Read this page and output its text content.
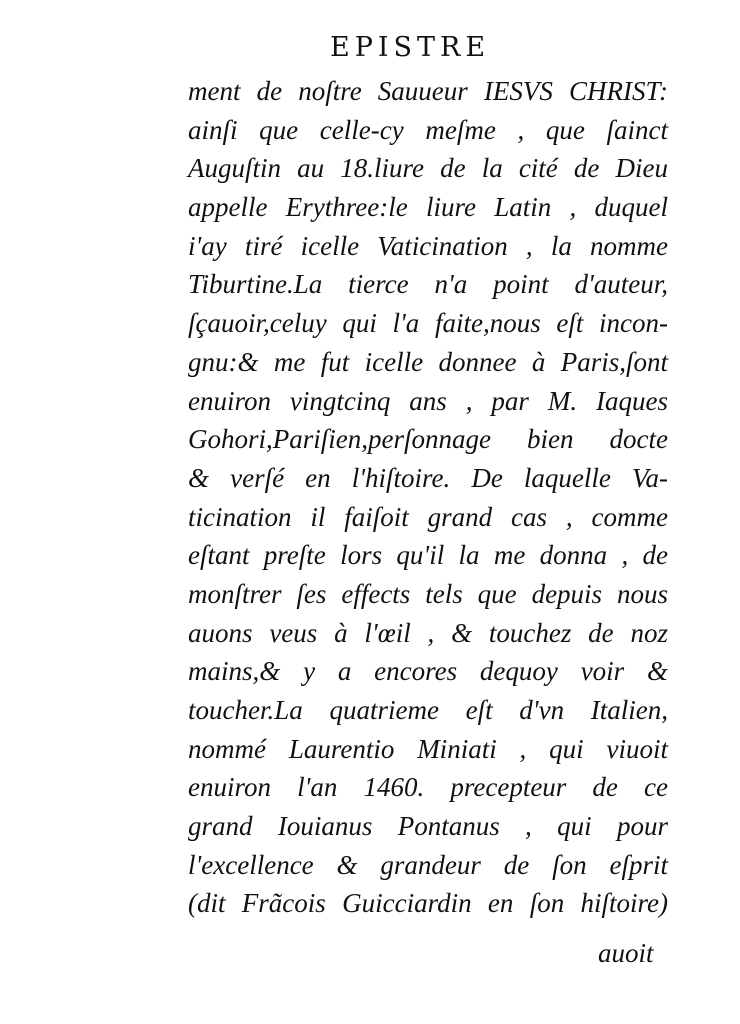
EPISTRE
ment de noſtre Sauueur IESVS CHRIST:
ainſi que celle-cy meſme , que ſainct
Auguſtin au 18.liure de la cité de Dieu
appelle Erythree:le liure Latin , duquel
i'ay tiré icelle Vaticination , la nomme
Tiburtine.La tierce n'a point d'auteur,
ſçauoir,celuy qui l'a faite,nous eſt incon-
gnu:& me fut icelle donnee à Paris,ſont
enuiron vingtcinq ans , par M. Iaques
Gohori,Pariſien,perſonnage bien docte
& verſé en l'hiſtoire. De laquelle Va-
ticination il faiſoit grand cas , comme
eſtant preſte lors qu'il la me donna , de
monſtrer ſes effects tels que depuis nous
auons veus à l'œil , & touchez de noz
mains,& y a encores dequoy voir &
toucher.La quatrieme eſt d'vn Italien,
nommé Laurentio Miniati , qui viuoit
enuiron l'an 1460. precepteur de ce
grand Iouianus Pontanus , qui pour
l'excellence & grandeur de ſon eſprit
(dit Frãcois Guicciardin en ſon hiſtoire)
auoit
